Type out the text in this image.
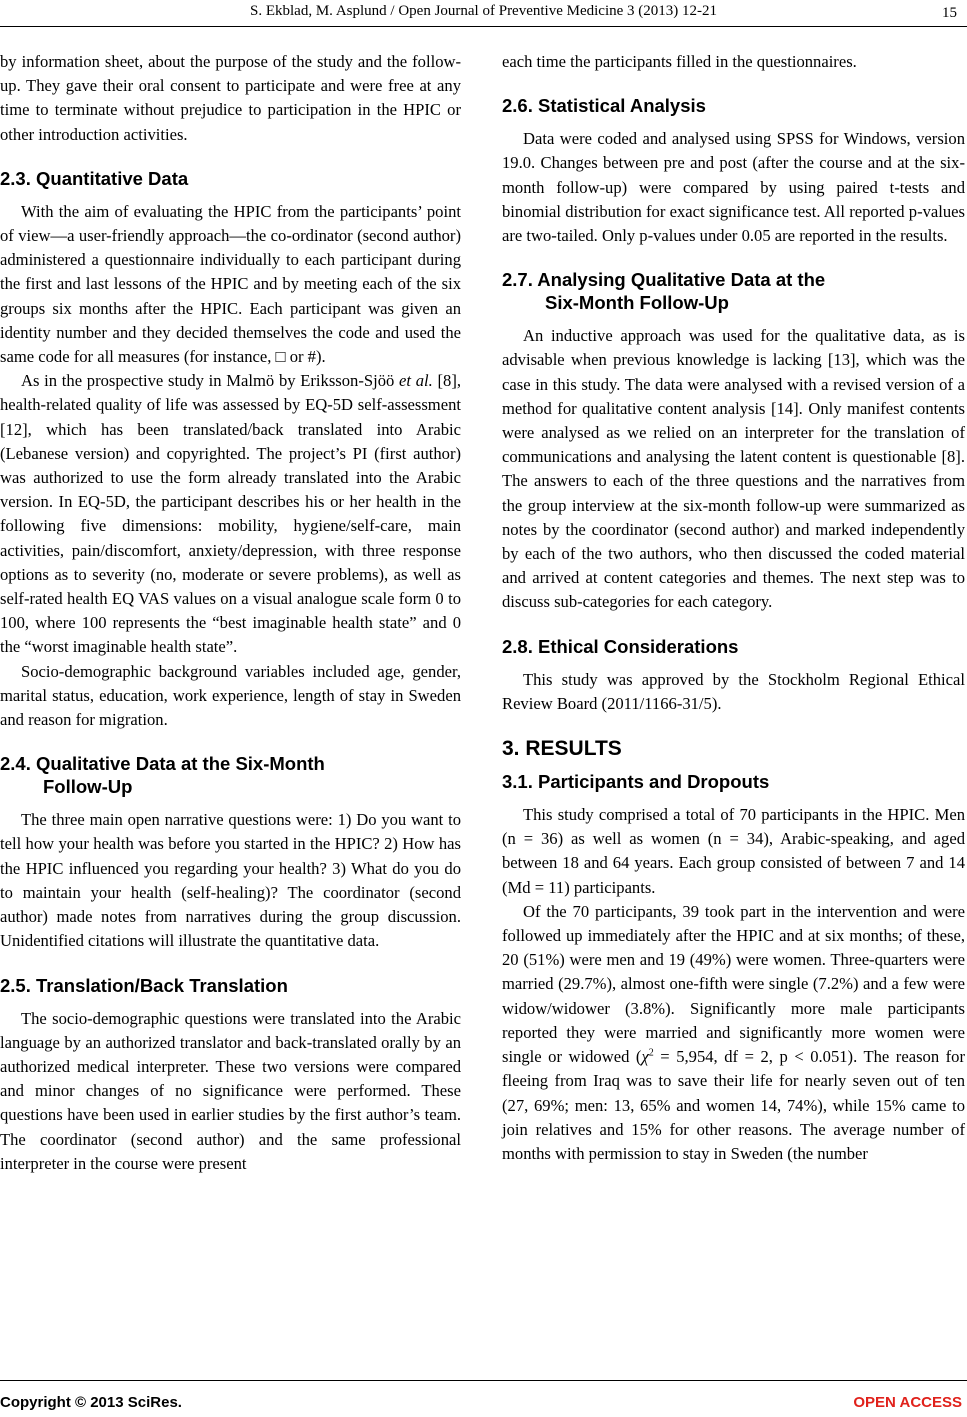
S. Ekblad, M. Asplund / Open Journal of Preventive Medicine 3 (2013) 12-21	15

by information sheet, about the purpose of the study and the follow-up. They gave their oral consent to participate and were free at any time to terminate without prejudice to participation in the HPIC or other introduction activities.

2.3. Quantitative Data

With the aim of evaluating the HPIC from the participants’ point of view—a user-friendly approach—the co-ordinator (second author) administered a questionnaire individually to each participant during the first and last lessons of the HPIC and by meeting each of the six groups six months after the HPIC. Each participant was given an identity number and they decided themselves the code and used the same code for all measures (for instance, □ or #).

As in the prospective study in Malmö by Eriksson-Sjöö et al. [8], health-related quality of life was assessed by EQ-5D self-assessment [12], which has been translated/back translated into Arabic (Lebanese version) and copyrighted. The project’s PI (first author) was authorized to use the form already translated into the Arabic version. In EQ-5D, the participant describes his or her health in the following five dimensions: mobility, hygiene/self-care, main activities, pain/discomfort, anxiety/depression, with three response options as to severity (no, moderate or severe problems), as well as self-rated health EQ VAS values on a visual analogue scale form 0 to 100, where 100 represents the “best imaginable health state” and 0 the “worst imaginable health state”.

Socio-demographic background variables included age, gender, marital status, education, work experience, length of stay in Sweden and reason for migration.

2.4. Qualitative Data at the Six-Month
Follow-Up

The three main open narrative questions were: 1) Do you want to tell how your health was before you started in the HPIC? 2) How has the HPIC influenced you regarding your health? 3) What do you do to maintain your health (self-healing)? The coordinator (second author) made notes from narratives during the group discussion. Unidentified citations will illustrate the quantitative data.

2.5. Translation/Back Translation

The socio-demographic questions were translated into the Arabic language by an authorized translator and back-translated orally by an authorized medical interpreter. These two versions were compared and minor changes of no significance were performed. These questions have been used in earlier studies by the first author’s team. The coordinator (second author) and the same professional interpreter in the course were present

each time the participants filled in the questionnaires.

2.6. Statistical Analysis

Data were coded and analysed using SPSS for Windows, version 19.0. Changes between pre and post (after the course and at the six-month follow-up) were compared by using paired t-tests and binomial distribution for exact significance test. All reported p-values are two-tailed. Only p-values under 0.05 are reported in the results.

2.7. Analysing Qualitative Data at the
Six-Month Follow-Up

An inductive approach was used for the qualitative data, as is advisable when previous knowledge is lacking [13], which was the case in this study. The data were analysed with a revised version of a method for qualitative content analysis [14]. Only manifest contents were analysed as we relied on an interpreter for the translation of communications and analysing the latent content is questionable [8]. The answers to each of the three questions and the narratives from the group interview at the six-month follow-up were summarized as notes by the coordinator (second author) and marked independently by each of the two authors, who then discussed the coded material and arrived at content categories and themes. The next step was to discuss sub-categories for each category.

2.8. Ethical Considerations

This study was approved by the Stockholm Regional Ethical Review Board (2011/1166-31/5).

3. RESULTS
3.1. Participants and Dropouts

This study comprised a total of 70 participants in the HPIC. Men (n = 36) as well as women (n = 34), Arabic-speaking, and aged between 18 and 64 years. Each group consisted of between 7 and 14 (Md = 11) participants.

Of the 70 participants, 39 took part in the intervention and were followed up immediately after the HPIC and at six months; of these, 20 (51%) were men and 19 (49%) were women. Three-quarters were married (29.7%), almost one-fifth were single (7.2%) and a few were widow/widower (3.8%). Significantly more male participants reported they were married and significantly more women were single or widowed ($\chi^2 = 5,954$, df = 2, p < 0.051). The reason for fleeing from Iraq was to save their life for nearly seven out of ten (27, 69%; men: 13, 65% and women 14, 74%), while 15% came to join relatives and 15% for other reasons. The average number of months with permission to stay in Sweden (the number

Copyright © 2013 SciRes.	OPEN ACCESS
